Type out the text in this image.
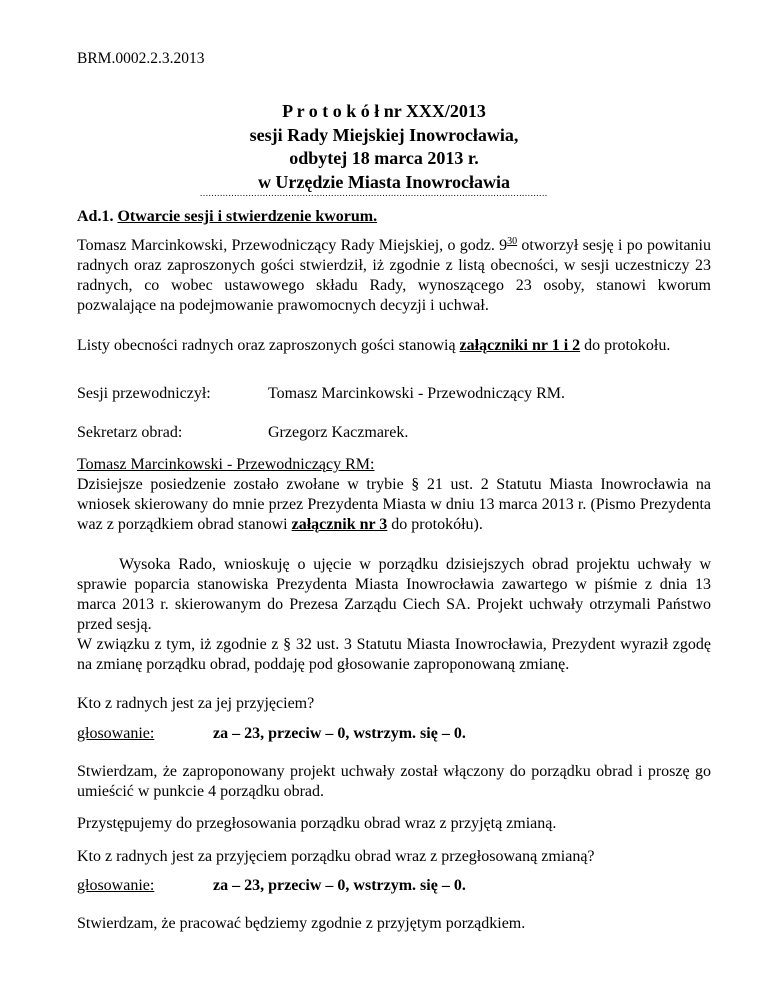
BRM.0002.2.3.2013
P r o t o k ó ł nr XXX/2013
sesji Rady Miejskiej Inowrocławia,
odbytej 18 marca 2013 r.
w Urzędzie Miasta Inowrocławia
..........................................................................................................................
Ad.1. Otwarcie sesji i stwierdzenie kworum.
Tomasz Marcinkowski, Przewodniczący Rady Miejskiej, o godz. $9^{30}$ otworzył sesję i po powitaniu radnych oraz zaproszonych gości stwierdził, iż zgodnie z listą obecności, w sesji uczestniczy 23 radnych, co wobec ustawowego składu Rady, wynoszącego 23 osoby, stanowi kworum pozwalające na podejmowanie prawomocnych decyzji i uchwał.
Listy obecności radnych oraz zaproszonych gości stanowią załączniki nr 1 i 2 do protokołu.
Sesji przewodniczył:	Tomasz Marcinkowski - Przewodniczący RM.
Sekretarz obrad:	Grzegorz Kaczmarek.
Tomasz Marcinkowski - Przewodniczący RM:
Dzisiejsze posiedzenie zostało zwołane w trybie § 21 ust. 2 Statutu Miasta Inowrocławia na wniosek skierowany do mnie przez Prezydenta Miasta w dniu 13 marca 2013 r. (Pismo Prezydenta waz z porządkiem obrad stanowi załącznik nr 3 do protokółu).
Wysoka Rado, wnioskuję o ujęcie w porządku dzisiejszych obrad projektu uchwały w sprawie poparcia stanowiska Prezydenta Miasta Inowrocławia zawartego w piśmie z dnia 13 marca 2013 r. skierowanym do Prezesa Zarządu Ciech SA. Projekt uchwały otrzymali Państwo przed sesją.
W związku z tym, iż zgodnie z § 32 ust. 3 Statutu Miasta Inowrocławia, Prezydent wyraził zgodę na zmianę porządku obrad, poddaję pod głosowanie zaproponowaną zmianę.
Kto z radnych jest za jej przyjęciem?
głosowanie:	za – 23, przeciw – 0, wstrzym. się – 0.
Stwierdzam, że zaproponowany projekt uchwały został włączony do porządku obrad i proszę go umieścić w punkcie 4 porządku obrad.
Przystępujemy do przegłosowania porządku obrad wraz z przyjętą zmianą.
Kto z radnych jest za przyjęciem porządku obrad wraz z przegłosowaną zmianą?
głosowanie:	za – 23, przeciw – 0, wstrzym. się – 0.
Stwierdzam, że pracować będziemy zgodnie z przyjętym porządkiem.
